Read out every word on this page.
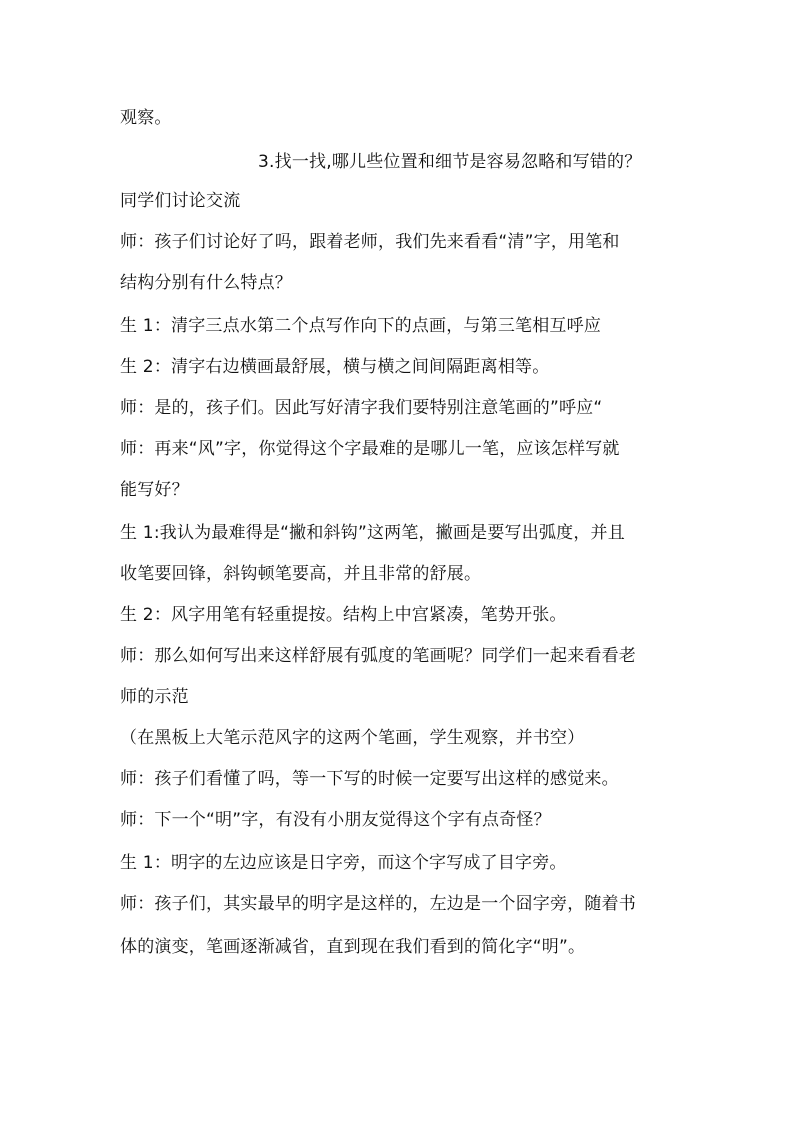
观察。
3.找一找,哪儿些位置和细节是容易忽略和写错的？
同学们讨论交流
师：孩子们讨论好了吗，跟着老师，我们先来看看“清”字，用笔和
结构分别有什么特点？
生 1：清字三点水第二个点写作向下的点画，与第三笔相互呼应
生 2：清字右边横画最舒展，横与横之间间隔距离相等。
师：是的，孩子们。因此写好清字我们要特别注意笔画的”呼应“
师：再来“风”字，你觉得这个字最难的是哪儿一笔，应该怎样写就
能写好？
生 1:我认为最难得是“撇和斜钩”这两笔，撇画是要写出弧度，并且
收笔要回锋，斜钩顿笔要高，并且非常的舒展。
生 2：风字用笔有轻重提按。结构上中宫紧凑，笔势开张。
师：那么如何写出来这样舒展有弧度的笔画呢？同学们一起来看看老
师的示范
（在黑板上大笔示范风字的这两个笔画，学生观察，并书空）
师：孩子们看懂了吗，等一下写的时候一定要写出这样的感觉来。
师：下一个“明”字，有没有小朋友觉得这个字有点奇怪？
生 1：明字的左边应该是日字旁，而这个字写成了目字旁。
师：孩子们，其实最早的明字是这样的，左边是一个囧字旁，随着书
体的演变，笔画逐渐减省，直到现在我们看到的简化字“明”。
